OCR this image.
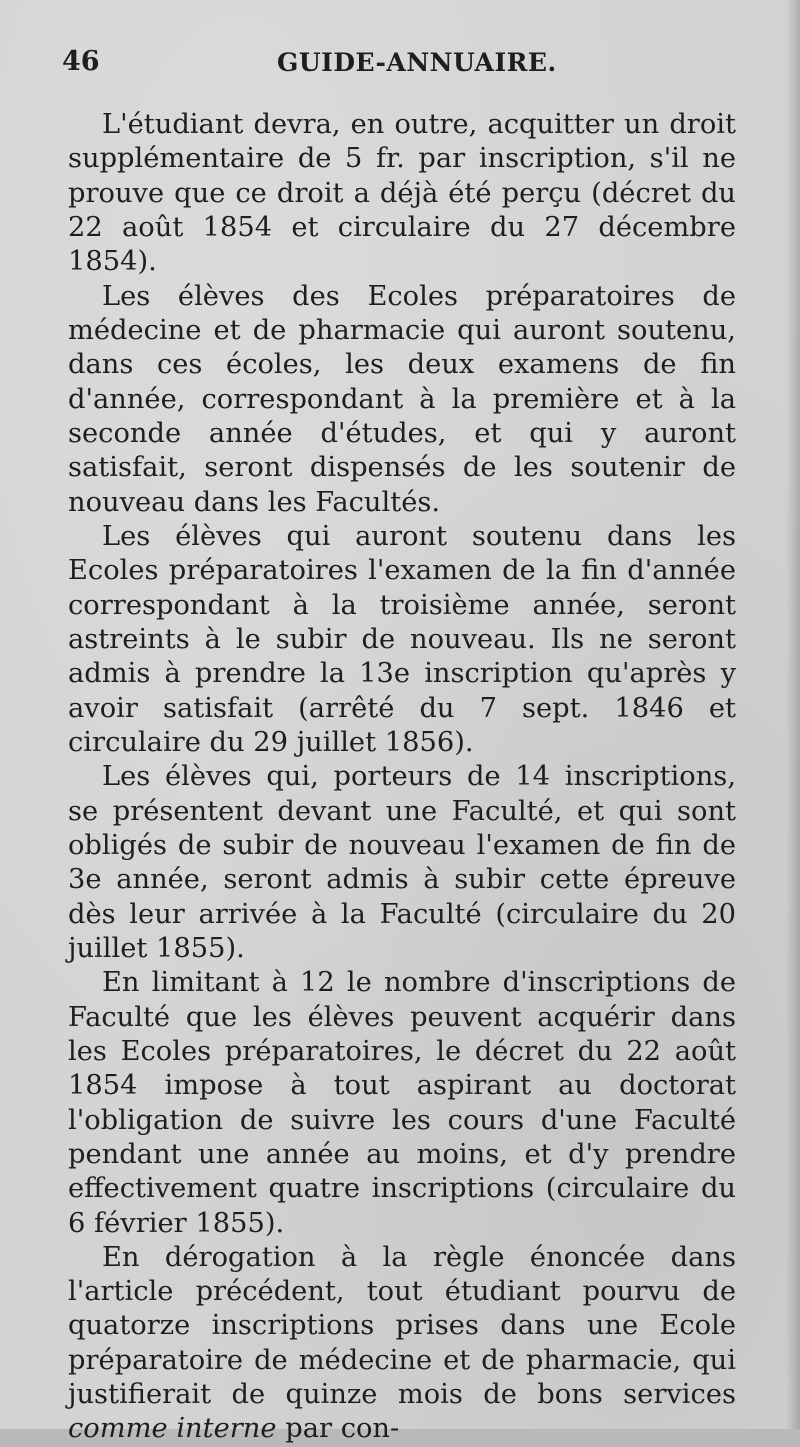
46	GUIDE-ANNUAIRE.

L'étudiant devra, en outre, acquitter un droit supplémentaire de 5 fr. par inscription, s'il ne prouve que ce droit a déjà été perçu (décret du 22 août 1854 et circulaire du 27 décembre 1854).

Les élèves des Ecoles préparatoires de médecine et de pharmacie qui auront soutenu, dans ces écoles, les deux examens de fin d'année, correspondant à la première et à la seconde année d'études, et qui y auront satisfait, seront dispensés de les soutenir de nouveau dans les Facultés.

Les élèves qui auront soutenu dans les Ecoles préparatoires l'examen de la fin d'année correspondant à la troisième année, seront astreints à le subir de nouveau. Ils ne seront admis à prendre la 13e inscription qu'après y avoir satisfait (arrêté du 7 sept. 1846 et circulaire du 29 juillet 1856).

Les élèves qui, porteurs de 14 inscriptions, se présentent devant une Faculté, et qui sont obligés de subir de nouveau l'examen de fin de 3e année, seront admis à subir cette épreuve dès leur arrivée à la Faculté (circulaire du 20 juillet 1855).

En limitant à 12 le nombre d'inscriptions de Faculté que les élèves peuvent acquérir dans les Ecoles préparatoires, le décret du 22 août 1854 impose à tout aspirant au doctorat l'obligation de suivre les cours d'une Faculté pendant une année au moins, et d'y prendre effectivement quatre inscriptions (circulaire du 6 février 1855).

En dérogation à la règle énoncée dans l'article précédent, tout étudiant pourvu de quatorze inscriptions prises dans une Ecole préparatoire de médecine et de pharmacie, qui justifierait de quinze mois de bons services comme interne par con-
